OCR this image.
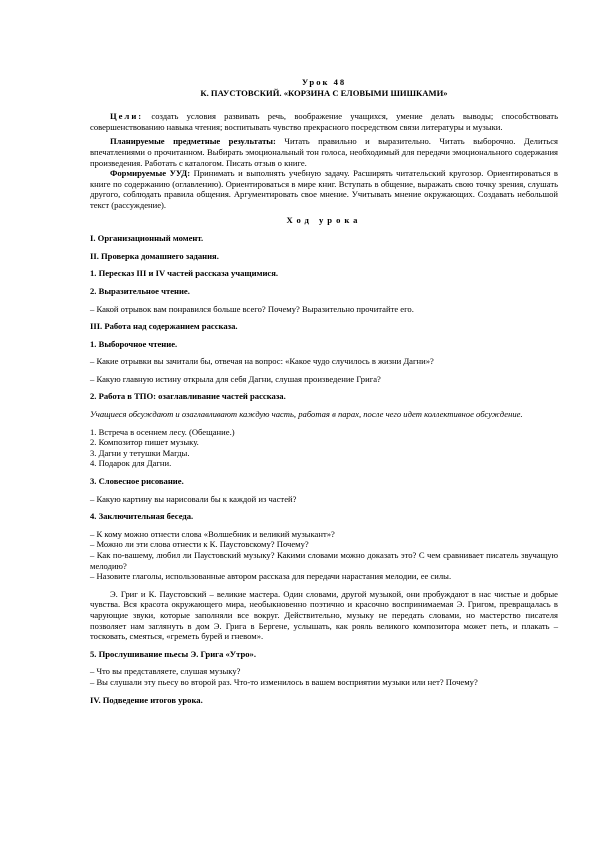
Урок 48

К. ПАУСТОВСКИЙ. «КОРЗИНА С ЕЛОВЫМИ ШИШКАМИ»

Цели: создать условия развивать речь, воображение учащихся, умение делать выводы; способствовать совершенствованию навыка чтения; воспитывать чувство прекрасного посредством связи литературы и музыки.

Планируемые предметные результаты: Читать правильно и выразительно. Читать выборочно. Делиться впечатлениями о прочитанном. Выбирать эмоциональный тон голоса, необходимый для передачи эмоционального содержания произведения. Работать с каталогом. Писать отзыв о книге.

Формируемые УУД: Принимать и выполнять учебную задачу. Расширять читательский кругозор. Ориентироваться в книге по содержанию (оглавлению). Ориентироваться в мире книг. Вступать в общение, выражать свою точку зрения, слушать другого, соблюдать правила общения. Аргументировать свое мнение. Учитывать мнение окружающих. Создавать небольшой текст (рассуждение).

Ход урока

I. Организационный момент.

II. Проверка домашнего задания.

1. Пересказ III и IV частей рассказа учащимися.

2. Выразительное чтение.

– Какой отрывок вам понравился больше всего? Почему? Выразительно прочитайте его.

III. Работа над содержанием рассказа.

1. Выборочное чтение.

– Какие отрывки вы зачитали бы, отвечая на вопрос: «Какое чудо случилось в жизни Дагни»?

– Какую главную истину открыла для себя Дагни, слушая произведение Грига?

2. Работа в ТПО: озаглавливание частей рассказа.

Учащиеся обсуждают и озаглавливают каждую часть, работая в парах, после чего идет коллективное обсуждение.

1. Встреча в осеннем лесу. (Обещание.)

2. Композитор пишет музыку.

3. Дагни у тетушки Магды.

4. Подарок для Дагни.

3. Словесное рисование.

– Какую картину вы нарисовали бы к каждой из частей?

4. Заключительная беседа.

– К кому можно отнести слова «Волшебник и великий музыкант»?

– Можно ли эти слова отнести к К. Паустовскому? Почему?

– Как по-вашему, любил ли Паустовский музыку? Какими словами можно доказать это? С чем сравнивает писатель звучащую мелодию?

– Назовите глаголы, использованные автором рассказа для передачи нарастания мелодии, ее силы.

Э. Григ и К. Паустовский – великие мастера. Один словами, другой музыкой, они пробуждают в нас чистые и добрые чувства. Вся красота окружающего мира, необыкновенно поэтично и красочно воспринимаемая Э. Григом, превращалась в чарующие звуки, которые заполняли все вокруг. Действительно, музыку не передать словами, но мастерство писателя позволяет нам заглянуть в дом Э. Грига в Бергене, услышать, как рояль великого композитора может петь, и плакать – тосковать, смеяться, «греметь бурей и гневом».

5. Прослушивание пьесы Э. Грига «Утро».

– Что вы представляете, слушая музыку?

– Вы слушали эту пьесу во второй раз. Что-то изменилось в вашем восприятии музыки или нет? Почему?

IV. Подведение итогов урока.
